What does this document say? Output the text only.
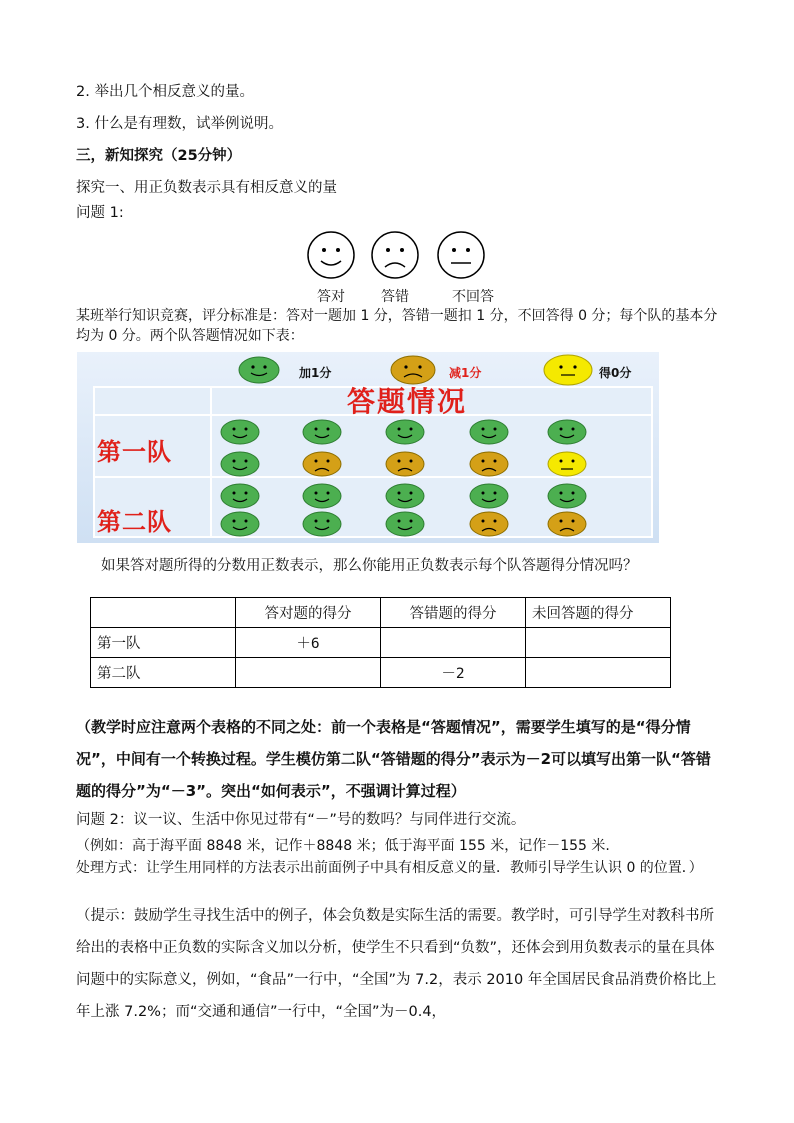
2. 举出几个相反意义的量。
3. 什么是有理数，试举例说明。
三，新知探究（25分钟）
探究一、用正负数表示具有相反意义的量
问题 1:
答对	答错	不回答
某班举行知识竞赛，评分标准是：答对一题加 1 分，答错一题扣 1 分，不回答得 0 分；每个队的基本分均为 0 分。两个队答题情况如下表：
加1分	减1分	得0分
答题情况
第一队
第二队
如果答对题所得的分数用正数表示，那么你能用正负数表示每个队答题得分情况吗？
	答对题的得分	答错题的得分	未回答题的得分
第一队	＋6		
第二队		－2	
（教学时应注意两个表格的不同之处：前一个表格是“答题情况”，需要学生填写的是“得分情况”，中间有一个转换过程。学生模仿第二队“答错题的得分”表示为－2可以填写出第一队“答错题的得分”为“－3”。突出“如何表示”，不强调计算过程）
问题 2：议一议、生活中你见过带有“－”号的数吗？与同伴进行交流。
（例如：高于海平面 8848 米，记作＋8848 米；低于海平面 155 米，记作－155 米.
处理方式：让学生用同样的方法表示出前面例子中具有相反意义的量．教师引导学生认识 0 的位置．）
（提示：鼓励学生寻找生活中的例子，体会负数是实际生活的需要。教学时，可引导学生对教科书所给出的表格中正负数的实际含义加以分析，使学生不只看到“负数”，还体会到用负数表示的量在具体问题中的实际意义，例如，“食品”一行中，“全国”为 7.2，表示 2010 年全国居民食品消费价格比上年上涨 7.2%；而“交通和通信”一行中，“全国”为－0.4，
